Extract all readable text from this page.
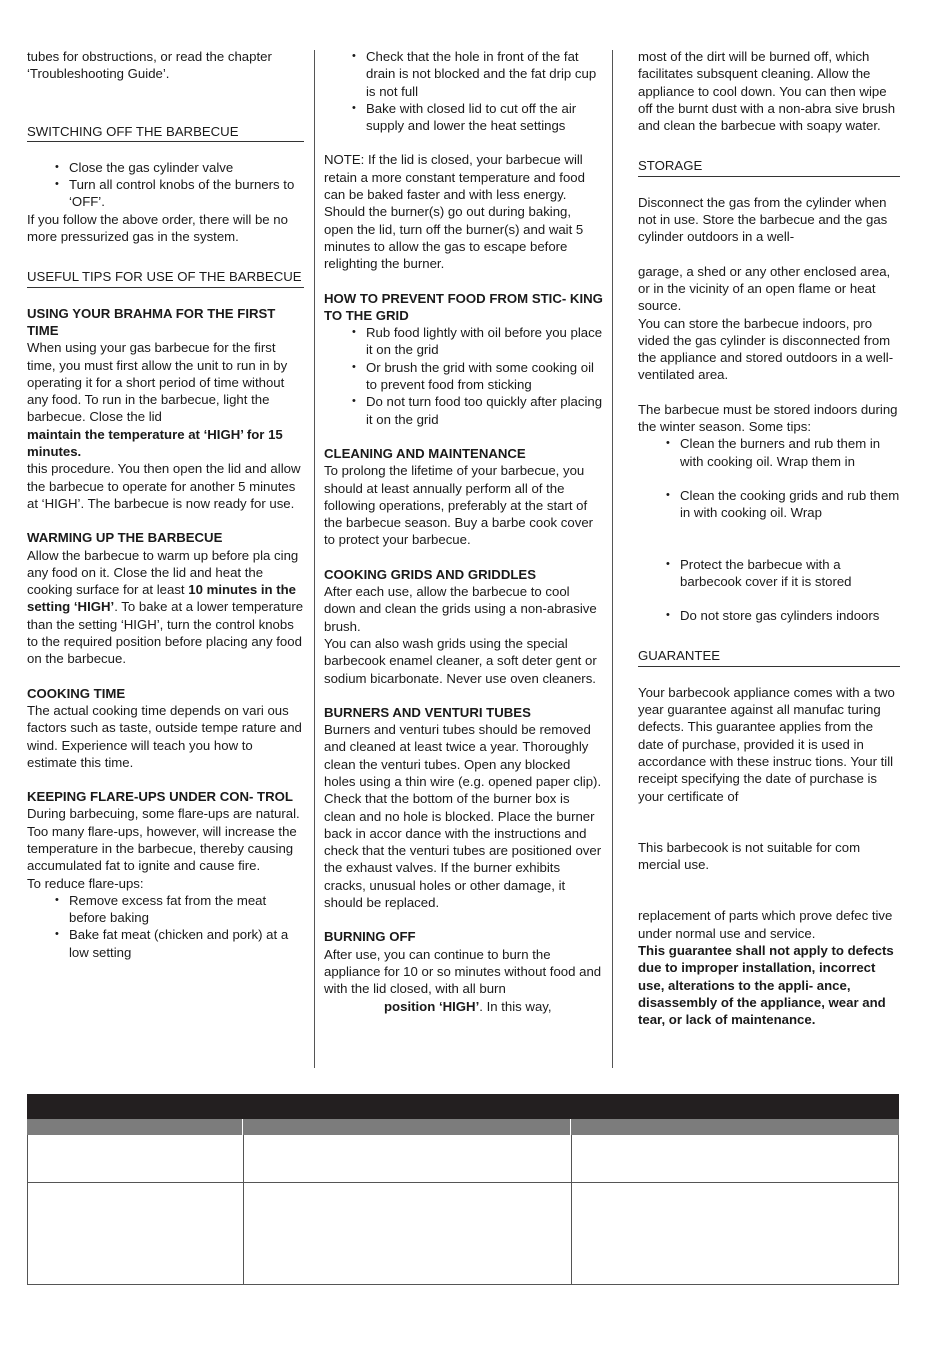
tubes for obstructions, or read the chapter ‘Troubleshooting Guide’.

SWITCHING OFF THE BARBECUE

• Close the gas cylinder valve
• Turn all control knobs of the burners to ‘OFF’.

If you follow the above order, there will be no more pressurized gas in the system.

USEFUL TIPS FOR USE OF THE BARBECUE

USING YOUR BRAHMA FOR THE FIRST TIME

When using your gas barbecue for the first time, you must first allow the unit to run in by operating it for a short period of time without any food. To run in the barbecue, light the barbecue. Close the lid

maintain the temperature at ‘HIGH’ for 15 minutes.

this procedure. You then open the lid and allow the barbecue to operate for another 5 minutes at ‘HIGH’. The barbecue is now ready for use.

WARMING UP THE BARBECUE

Allow the barbecue to warm up before pla cing any food on it. Close the lid and heat the cooking surface for at least 10 minutes in the setting ‘HIGH’. To bake at a lower temperature than the setting ‘HIGH’, turn the control knobs to the required position before placing any food on the barbecue.

COOKING TIME

The actual cooking time depends on vari ous factors such as taste, outside tempe rature and wind. Experience will teach you how to estimate this time.

KEEPING FLARE-UPS UNDER CON- TROL

During barbecuing, some flare-ups are natural. Too many flare-ups, however, will increase the temperature in the barbecue, thereby causing accumulated fat to ignite and cause fire.

To reduce flare-ups:

• Remove excess fat from the meat before baking
• Bake fat meat (chicken and pork) at a low setting
• Check that the hole in front of the fat drain is not blocked and the fat drip cup is not full
• Bake with closed lid to cut off the air supply and lower the heat settings

NOTE: If the lid is closed, your barbecue will retain a more constant temperature and food can be baked faster and with less energy.

Should the burner(s) go out during baking, open the lid, turn off the burner(s) and wait 5 minutes to allow the gas to escape before relighting the burner.

HOW TO PREVENT FOOD FROM STIC- KING TO THE GRID

• Rub food lightly with oil before you place it on the grid
• Or brush the grid with some cooking oil to prevent food from sticking
• Do not turn food too quickly after placing it on the grid

CLEANING AND MAINTENANCE

To prolong the lifetime of your barbecue, you should at least annually perform all of the following operations, preferably at the start of the barbecue season. Buy a barbe cook cover to protect your barbecue.

COOKING GRIDS AND GRIDDLES

After each use, allow the barbecue to cool down and clean the grids using a non-abrasive brush.

You can also wash grids using the special barbecook enamel cleaner, a soft deter gent or sodium bicarbonate. Never use oven cleaners.

BURNERS AND VENTURI TUBES

Burners and venturi tubes should be removed and cleaned at least twice a year. Thoroughly clean the venturi tubes. Open any blocked holes using a thin wire (e.g. opened paper clip). Check that the bottom of the burner box is clean and no hole is blocked. Place the burner back in accor dance with the instructions and check that the venturi tubes are positioned over the exhaust valves. If the burner exhibits cracks, unusual holes or other damage, it should be replaced.

BURNING OFF

After use, you can continue to burn the appliance for 10 or so minutes without food and with the lid closed, with all burn

position ‘HIGH’. In this way,

most of the dirt will be burned off, which facilitates subsquent cleaning. Allow the appliance to cool down. You can then wipe off the burnt dust with a non-abra sive brush and clean the barbecue with soapy water.

STORAGE

Disconnect the gas from the cylinder when not in use. Store the barbecue and the gas cylinder outdoors in a well-

garage, a shed or any other enclosed area, or in the vicinity of an open flame or heat source.

You can store the barbecue indoors, pro vided the gas cylinder is disconnected from the appliance and stored outdoors in a well-ventilated area.

The barbecue must be stored indoors during the winter season. Some tips:

• Clean the burners and rub them in with cooking oil. Wrap them in
• Clean the cooking grids and rub them in with cooking oil. Wrap
• Protect the barbecue with a barbecook cover if it is stored
• Do not store gas cylinders indoors

GUARANTEE

Your barbecook appliance comes with a two year guarantee against all manufac turing defects. This guarantee applies from the date of purchase, provided it is used in accordance with these instruc tions. Your till receipt specifying the date of purchase is your certificate of

This barbecook is not suitable for com mercial use.

replacement of parts which prove defec tive under normal use and service.

This guarantee shall not apply to defects due to improper installation, incorrect use, alterations to the appli- ance, disassembly of the appliance, wear and tear, or lack of maintenance.
